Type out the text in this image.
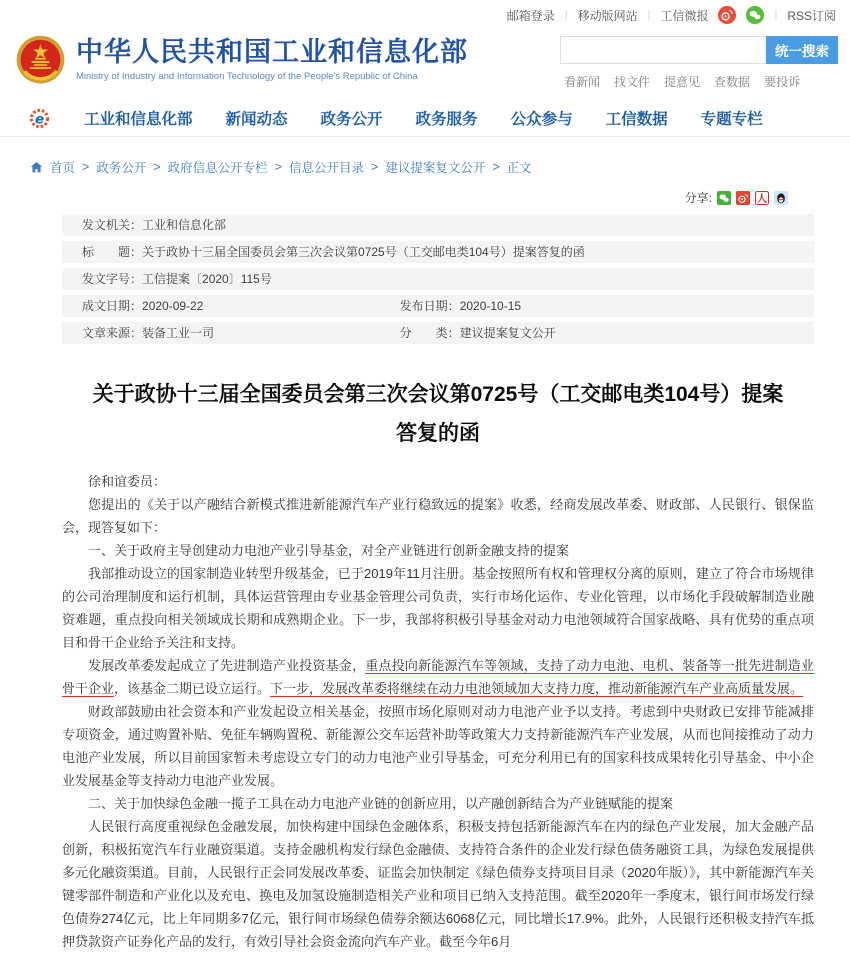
邮箱登录 | 移动版网站 | 工信微报	| RSS订阅
中华人民共和国工业和信息化部
Ministry of Industry and Information Technology of the People's Republic of China
统一搜索
看新闻 找文件 提意见 查数据 要投诉
e	工业和信息化部 新闻动态 政务公开 政务服务 公众参与 工信数据 专题专栏
首页 > 政务公开 > 政府信息公开专栏 > 信息公开目录 > 建议提案复文公开 > 正文
分享:	人
发文机关： 工业和信息化部
标　　题： 关于政协十三届全国委员会第三次会议第0725号（工交邮电类104号）提案答复的函
发文字号： 工信提案〔2020〕115号
成文日期：2020-09-22	发布日期：2020-10-15
文章来源：装备工业一司	分　　类：建议提案复文公开
关于政协十三届全国委员会第三次会议第0725号（工交邮电类104号）提案答复的函

徐和谊委员：

您提出的《关于以产融结合新模式推进新能源汽车产业行稳致远的提案》收悉，经商发展改革委、财政部、人民银行、银保监会，现答复如下：

一、关于政府主导创建动力电池产业引导基金，对全产业链进行创新金融支持的提案

我部推动设立的国家制造业转型升级基金，已于2019年11月注册。基金按照所有权和管理权分离的原则，建立了符合市场规律的公司治理制度和运行机制，具体运营管理由专业基金管理公司负责，实行市场化运作、专业化管理，以市场化手段破解制造业融资难题，重点投向相关领域成长期和成熟期企业。下一步，我部将积极引导基金对动力电池领域符合国家战略、具有优势的重点项目和骨干企业给予关注和支持。

发展改革委发起成立了先进制造产业投资基金，重点投向新能源汽车等领域，支持了动力电池、电机、装备等一批先进制造业骨干企业，该基金二期已设立运行。下一步，发展改革委将继续在动力电池领域加大支持力度，推动新能源汽车产业高质量发展。

财政部鼓励由社会资本和产业发起设立相关基金，按照市场化原则对动力电池产业予以支持。考虑到中央财政已安排节能减排专项资金，通过购置补贴、免征车辆购置税、新能源公交车运营补助等政策大力支持新能源汽车产业发展，从而也间接推动了动力电池产业发展，所以目前国家暂未考虑设立专门的动力电池产业引导基金，可充分利用已有的国家科技成果转化引导基金、中小企业发展基金等支持动力电池产业发展。

二、关于加快绿色金融一揽子工具在动力电池产业链的创新应用，以产融创新结合为产业链赋能的提案

人民银行高度重视绿色金融发展，加快构建中国绿色金融体系，积极支持包括新能源汽车在内的绿色产业发展，加大金融产品创新，积极拓宽汽车行业融资渠道。支持金融机构发行绿色金融债、支持符合条件的企业发行绿色债务融资工具，为绿色发展提供多元化融资渠道。目前，人民银行正会同发展改革委、证监会加快制定《绿色债券支持项目目录（2020年版）》，其中新能源汽车关键零部件制造和产业化以及充电、换电及加氢设施制造相关产业和项目已纳入支持范围。截至2020年一季度末，银行间市场发行绿色债券274亿元，比上年同期多7亿元，银行间市场绿色债券余额达6068亿元，同比增长17.9%。此外，人民银行还积极支持汽车抵押贷款资产证券化产品的发行，有效引导社会资金流向汽车产业。截至今年6月
